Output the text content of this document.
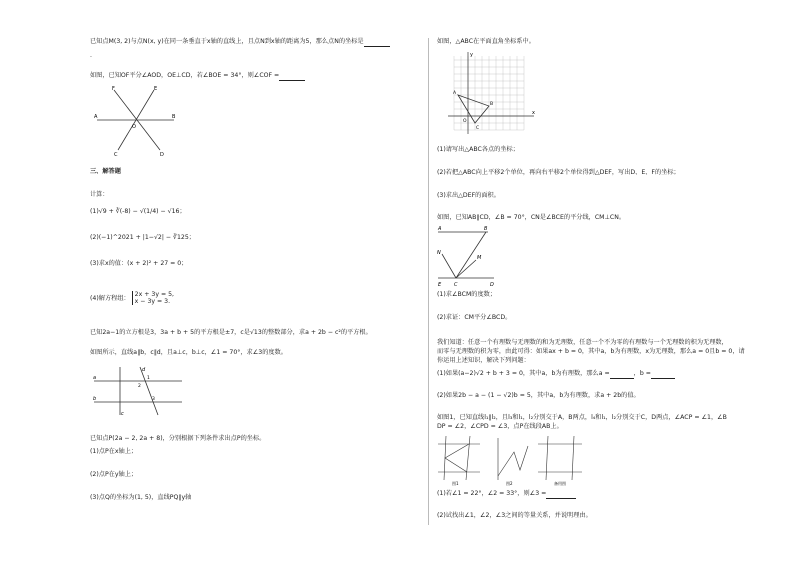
已知点M(3, 2)与点N(x, y)在同一条垂直于x轴的直线上，且点N到x轴的距离为5，那么点N的坐标是
.
如图，已知OF平分∠AOD，OE⊥CD，若∠BOE = 34°，则∠COF =
F	E
A	B
C	D
O
三、解答题
计算：
(1)√9 + ∛(-8) − √(1/4) − √16；
(2)(−1)^2021 + |1−√2| − ∛125；
(3)求x的值：(x + 2)² + 27 = 0；
(4)解方程组： 2x + 3y = 5,
x − 3y = 3.
已知2a−1的立方根是3，3a + b + 5的平方根是±7，c是√13的整数部分，求a + 2b − c²的平方根。
如图所示，直线a∥b，c∥d，且a⊥c，b⊥c，∠1 = 70°，求∠3的度数。
a
b
c
d
1
2
3
已知点P(2a − 2, 2a + 8)，分别根据下列条件求出点P的坐标。
(1)点P在x轴上；
(2)点P在y轴上；
(3)点Q的坐标为(1, 5)，直线PQ∥y轴
如图，△ABC在平面直角坐标系中。
y
x
O
A
B
C
(1)请写出△ABC各点的坐标；
(2)若把△ABC向上平移2个单位，再向右平移2个单位得到△DEF，写出D、E、F的坐标；
(3)求出△DEF的面积。
如图，已知AB∥CD，∠B = 70°，CN是∠BCE的平分线，CM⊥CN。
A	B
N
M
E	C	D
(1)求∠BCM的度数；
(2)求证：CM平分∠BCD。
我们知道：任意一个有理数与无理数的和为无理数，任意一个不为零的有理数与一个无理数的积为无理数，
而零与无理数的积为零，由此可得：如果ax + b = 0，其中a，b为有理数，x为无理数，那么a = 0且b = 0，请
你运用上述知识，解决下列问题：
(1)如果(a−2)√2 + b + 3 = 0，其中a，b为有理数，那么a =	，b =
(2)如果2b − a − (1 − √2)b = 5，其中a，b为有理数，求a + 2b的值。
如图1，已知直线l₁∥l₂，且l₃和l₁，l₂分别交于A，B两点，l₄和l₁，l₂分别交于C，D两点，∠ACP = ∠1，∠B
DP = ∠2，∠CPD = ∠3，点P在线段AB上。
图1	图2	备用图
(1)若∠1 = 22°，∠2 = 33°，则∠3 =
(2)试找出∠1，∠2，∠3之间的等量关系，并说明理由。
